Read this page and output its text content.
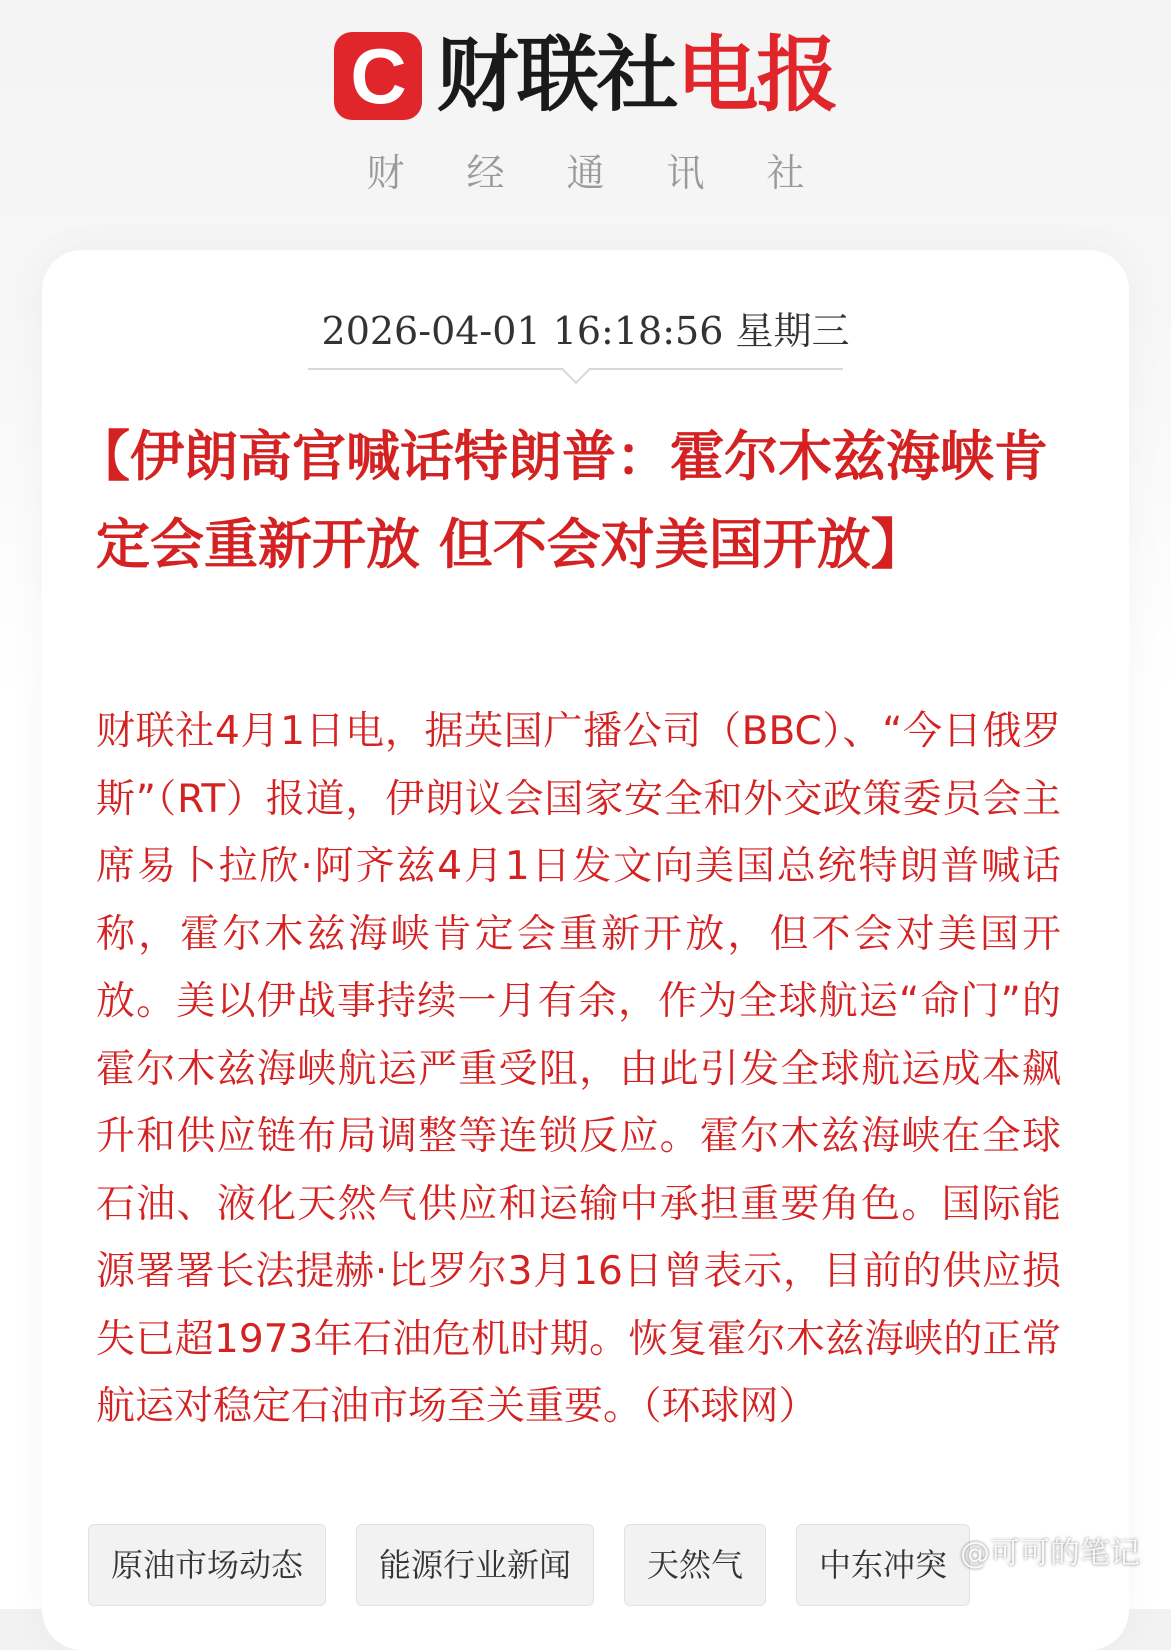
C 财联社电报
财经通讯社
2026-04-01 16:18:56 星期三
【伊朗高官喊话特朗普：霍尔木兹海峡肯定会重新开放 但不会对美国开放】

财联社4月1日电，据英国广播公司（BBC）、“今日俄罗斯”（RT）报道，伊朗议会国家安全和外交政策委员会主席易卜拉欣·阿齐兹4月1日发文向美国总统特朗普喊话称，霍尔木兹海峡肯定会重新开放，但不会对美国开放。美以伊战事持续一月有余，作为全球航运“命门”的霍尔木兹海峡航运严重受阻，由此引发全球航运成本飙升和供应链布局调整等连锁反应。霍尔木兹海峡在全球石油、液化天然气供应和运输中承担重要角色。国际能源署署长法提赫·比罗尔3月16日曾表示，目前的供应损失已超1973年石油危机时期。恢复霍尔木兹海峡的正常航运对稳定石油市场至关重要。（环球网）

原油市场动态	能源行业新闻	天然气	中东冲突 @可可的笔记
